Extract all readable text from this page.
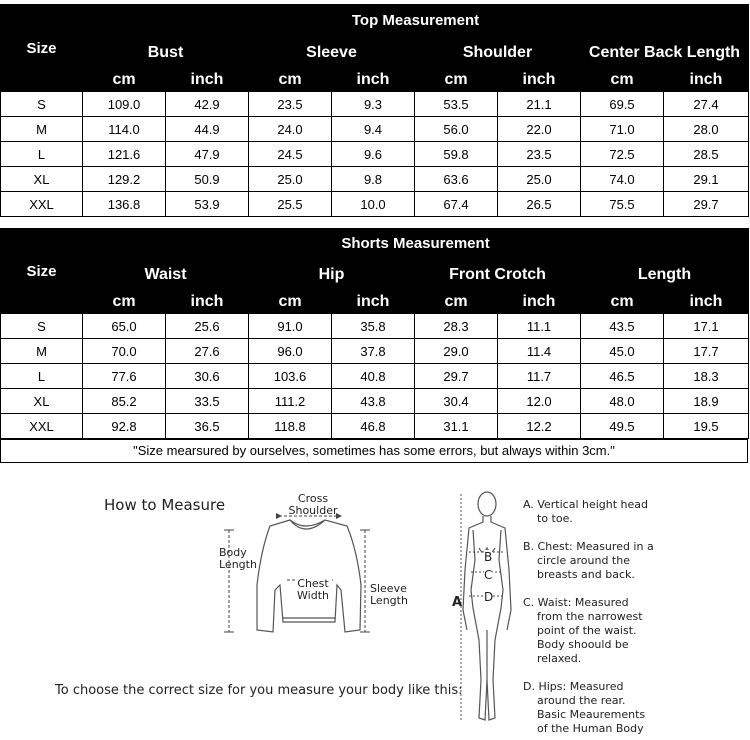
Size	Top Measurement							
	Bust		Sleeve		Shoulder		Center Back Length	
	cm	inch	cm	inch	cm	inch	cm	inch
S	109.0	42.9	23.5	9.3	53.5	21.1	69.5	27.4
M	114.0	44.9	24.0	9.4	56.0	22.0	71.0	28.0
L	121.6	47.9	24.5	9.6	59.8	23.5	72.5	28.5
XL	129.2	50.9	25.0	9.8	63.6	25.0	74.0	29.1
XXL	136.8	53.9	25.5	10.0	67.4	26.5	75.5	29.7
Size	Shorts Measurement							
	Waist		Hip		Front Crotch		Length	
	cm	inch	cm	inch	cm	inch	cm	inch
S	65.0	25.6	91.0	35.8	28.3	11.1	43.5	17.1
M	70.0	27.6	96.0	37.8	29.0	11.4	45.0	17.7
L	77.6	30.6	103.6	40.8	29.7	11.7	46.5	18.3
XL	85.2	33.5	111.2	43.8	30.4	12.0	48.0	18.9
XXL	92.8	36.5	118.8	46.8	31.1	12.2	49.5	19.5
"Size mearsured by ourselves, sometimes has some errors, but always within 3cm."
How to Measure	Cross
Shoulder
Body
Length
Chest
Width
Sleeve
Length
To choose the correct size for you measure your body like this:
A
B
C
D
A. Vertical height head
to toe.
B. Chest: Measured in a
circle around the
breasts and back.
C. Waist: Measured
from the narrowest
point of the waist.
Body shoould be
relaxed.
D. Hips: Measured
around the rear.
Basic Meaurements
of the Human Body
